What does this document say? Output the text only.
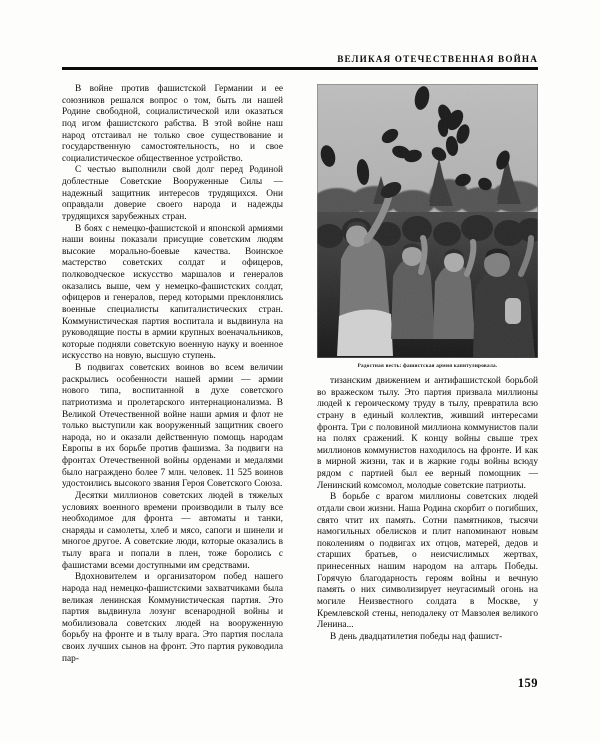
ВЕЛИКАЯ ОТЕЧЕСТВЕННАЯ ВОЙНА

В войне против фашистской Германии и ее союзников решался вопрос о том, быть ли нашей Родине свободной, социалистической или оказаться под игом фашистского рабства. В этой войне наш народ отстаивал не только свое существование и государственную самостоятельность, но и свое социалистическое общественное устройство.

С честью выполнили свой долг перед Родиной доблестные Советские Вооруженные Силы — надежный защитник интересов трудящихся. Они оправдали доверие своего народа и надежды трудящихся зарубежных стран.

В боях с немецко-фашистской и японской армиями наши воины показали присущие советским людям высокие морально-боевые качества. Воинское мастерство советских солдат и офицеров, полководческое искусство маршалов и генералов оказались выше, чем у немецко-фашистских солдат, офицеров и генералов, перед которыми преклонялись военные специалисты капиталистических стран. Коммунистическая партия воспитала и выдвинула на руководящие посты в армии крупных военачальников, которые подняли советскую военную науку и военное искусство на новую, высшую ступень.

В подвигах советских воинов во всем величии раскрылись особенности нашей армии — армии нового типа, воспитанной в духе советского патриотизма и пролетарского интернационализма. В Великой Отечественной войне наши армия и флот не только выступили как вооруженный защитник своего народа, но и оказали действенную помощь народам Европы в их борьбе против фашизма. За подвиги на фронтах Отечественной войны орденами и медалями было награждено более 7 млн. человек. 11 525 воинов удостоились высокого звания Героя Советского Союза.

Десятки миллионов советских людей в тяжелых условиях военного времени производили в тылу все необходимое для фронта — автоматы и танки, снаряды и самолеты, хлеб и мясо, сапоги и шинели и многое другое. А советские люди, которые оказались в тылу врага и попали в плен, тоже боролись с фашистами всеми доступными им средствами.

Вдохновителем и организатором побед нашего народа над немецко-фашистскими захватчиками была великая ленинская Коммунистическая партия. Это партия выдвинула лозунг всенародной войны и мобилизовала советских людей на вооруженную борьбу на фронте и в тылу врага. Это партия послала своих лучших сынов на фронт. Это партия руководила пар-

Радостная весть: фашистская армия капитулировала.

тизанским движением и антифашистской борьбой во вражеском тылу. Это партия призвала миллионы людей к героическому труду в тылу, превратила всю страну в единый коллектив, живший интересами фронта. Три с половиной миллиона коммунистов пали на полях сражений. К концу войны свыше трех миллионов коммунистов находилось на фронте. И как в мирной жизни, так и в жаркие годы войны всюду рядом с партией был ее верный помощник — Ленинский комсомол, молодые советские патриоты.

В борьбе с врагом миллионы советских людей отдали свои жизни. Наша Родина скорбит о погибших, свято чтит их память. Сотни памятников, тысячи намогильных обелисков и плит напоминают новым поколениям о подвигах их отцов, матерей, дедов и старших братьев, о неисчислимых жертвах, принесенных нашим народом на алтарь Победы. Горячую благодарность героям войны и вечную память о них символизирует неугасимый огонь на могиле Неизвестного солдата в Москве, у Кремлевской стены, неподалеку от Мавзолея великого Ленина...

В день двадцатилетия победы над фашист-

159
